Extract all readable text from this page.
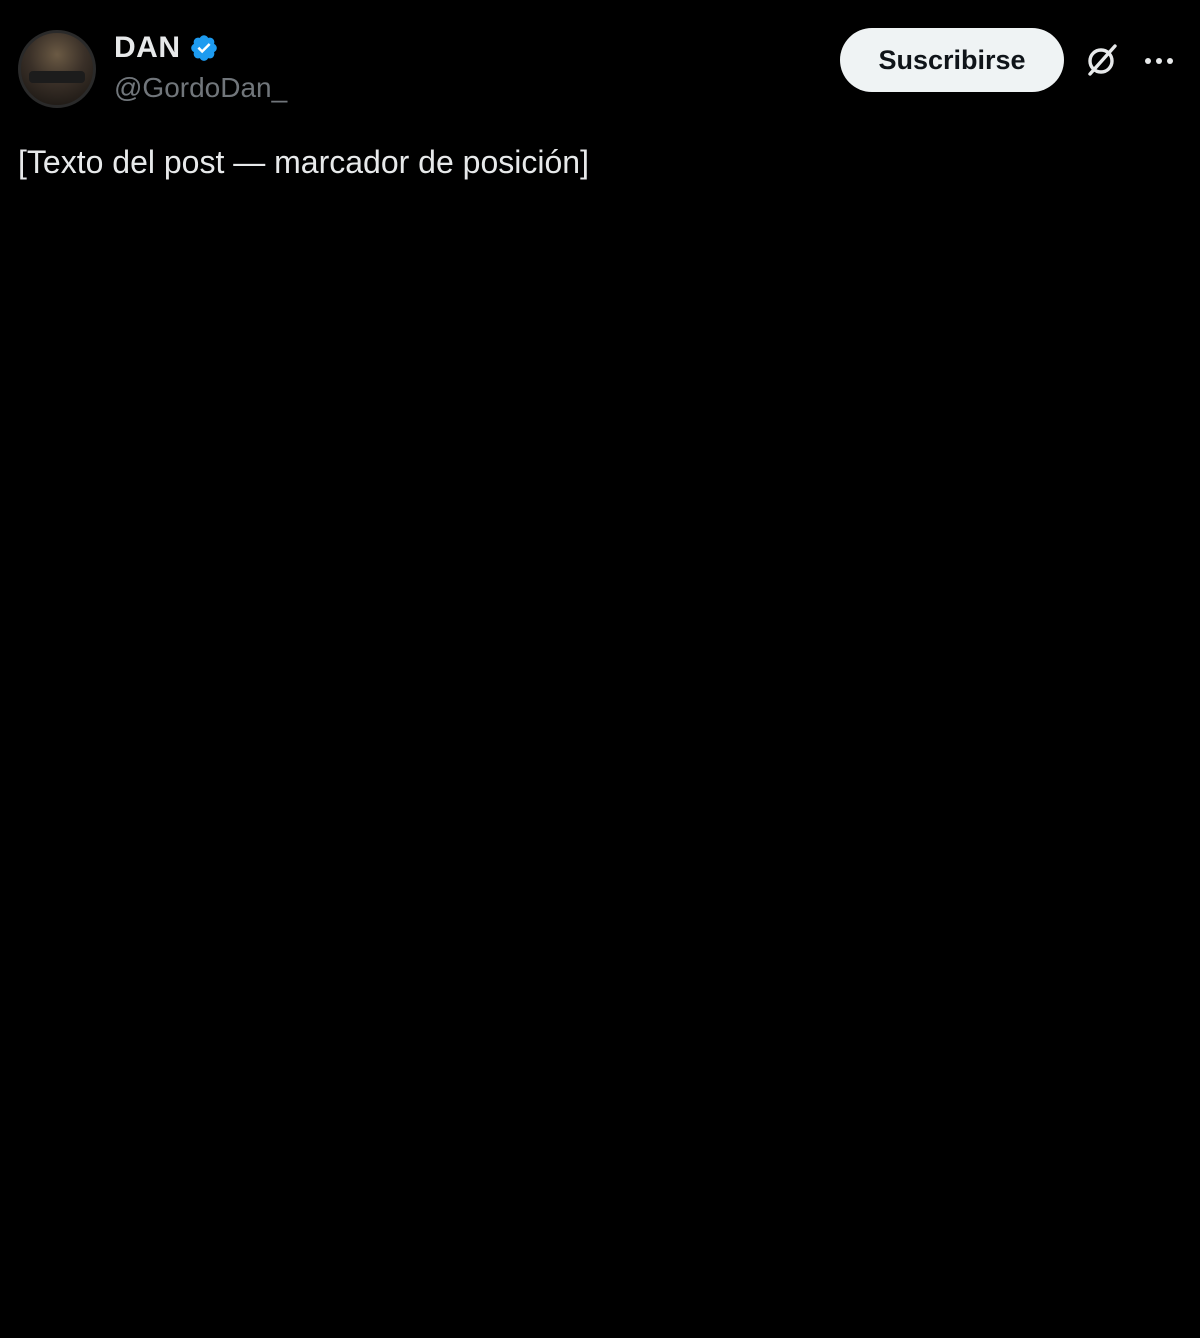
DAN
@GordoDan_
Suscribirse

[Texto del post — marcador de posición]
